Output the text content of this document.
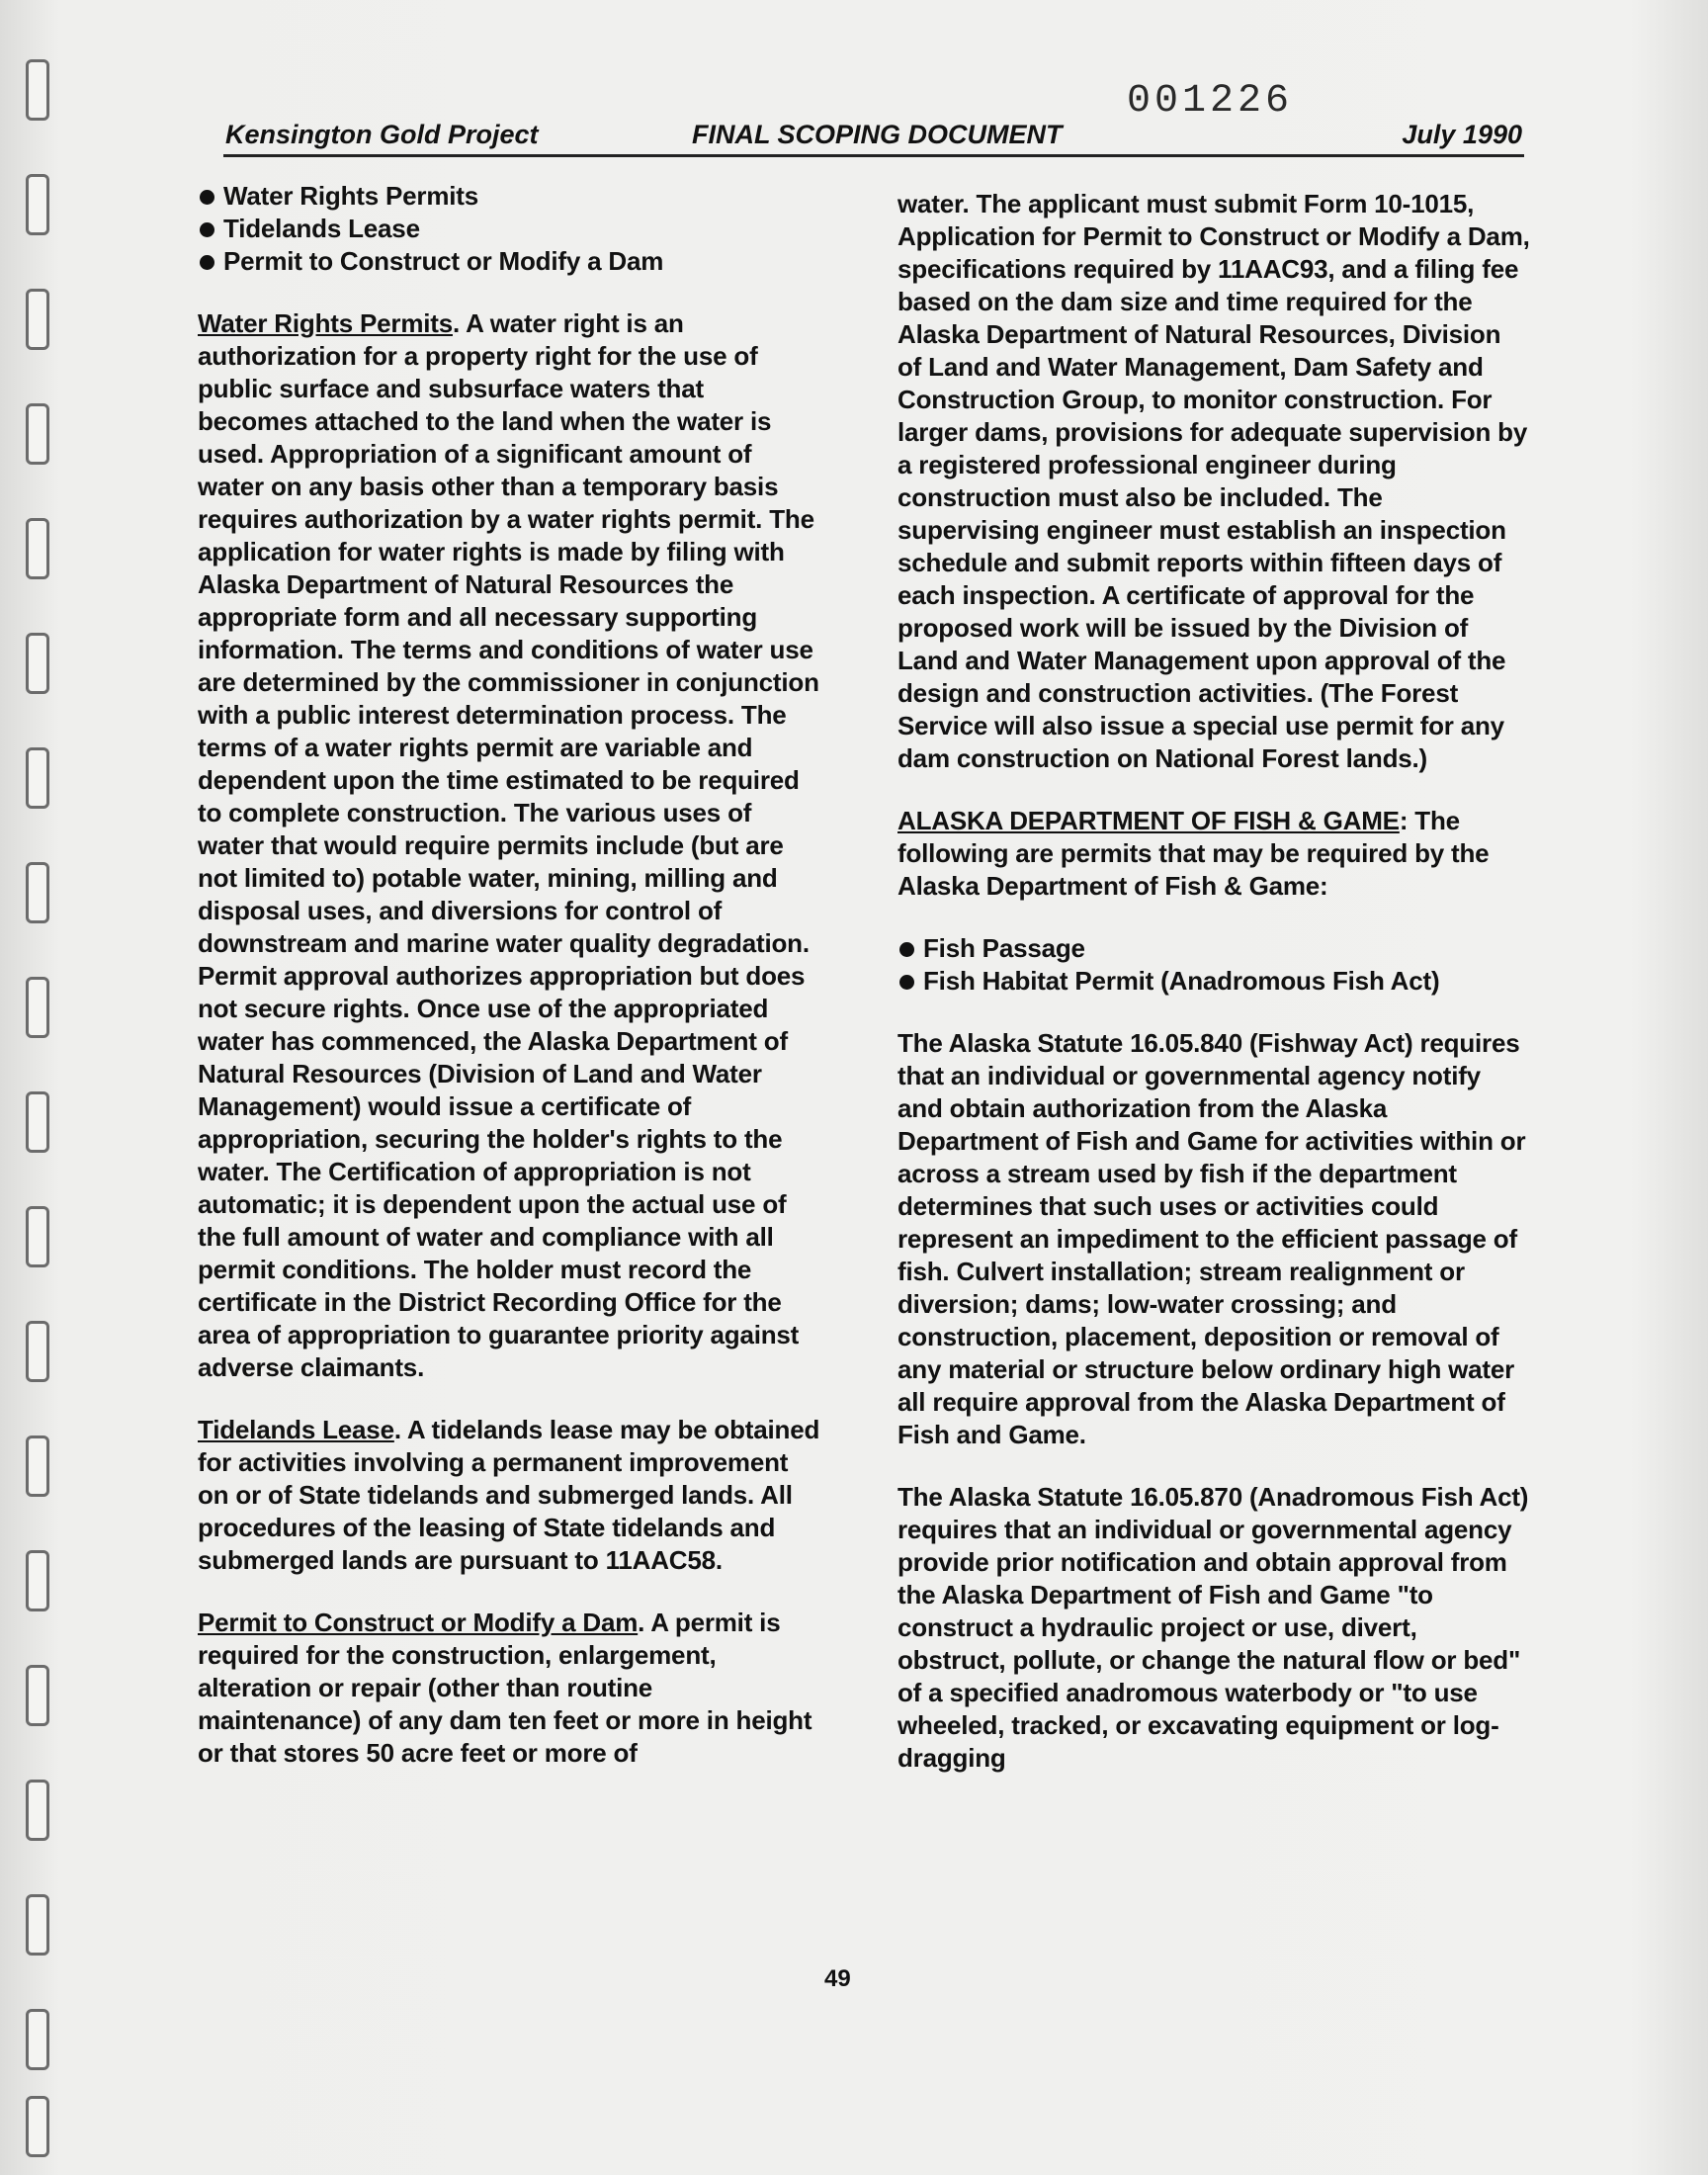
001226
Kensington Gold Project	FINAL SCOPING DOCUMENT	July 1990
Water Rights Permits
Tidelands Lease
Permit to Construct or Modify a Dam

Water Rights Permits. A water right is an authorization for a property right for the use of public surface and subsurface waters that becomes attached to the land when the water is used. Appropriation of a significant amount of water on any basis other than a temporary basis requires authorization by a water rights permit. The application for water rights is made by filing with Alaska Department of Natural Resources the appropriate form and all necessary supporting information. The terms and conditions of water use are determined by the commissioner in conjunction with a public interest determination process. The terms of a water rights permit are variable and dependent upon the time estimated to be required to complete construction. The various uses of water that would require permits include (but are not limited to) potable water, mining, milling and disposal uses, and diversions for control of downstream and marine water quality degradation. Permit approval authorizes appropriation but does not secure rights. Once use of the appropriated water has commenced, the Alaska Department of Natural Resources (Division of Land and Water Management) would issue a certificate of appropriation, securing the holder's rights to the water. The Certification of appropriation is not automatic; it is dependent upon the actual use of the full amount of water and compliance with all permit conditions. The holder must record the certificate in the District Recording Office for the area of appropriation to guarantee priority against adverse claimants.

Tidelands Lease. A tidelands lease may be obtained for activities involving a permanent improvement on or of State tidelands and submerged lands. All procedures of the leasing of State tidelands and submerged lands are pursuant to 11AAC58.

Permit to Construct or Modify a Dam. A permit is required for the construction, enlargement, alteration or repair (other than routine maintenance) of any dam ten feet or more in height or that stores 50 acre feet or more of

water. The applicant must submit Form 10-1015, Application for Permit to Construct or Modify a Dam, specifications required by 11AAC93, and a filing fee based on the dam size and time required for the Alaska Department of Natural Resources, Division of Land and Water Management, Dam Safety and Construction Group, to monitor construction. For larger dams, provisions for adequate supervision by a registered professional engineer during construction must also be included. The supervising engineer must establish an inspection schedule and submit reports within fifteen days of each inspection. A certificate of approval for the proposed work will be issued by the Division of Land and Water Management upon approval of the design and construction activities. (The Forest Service will also issue a special use permit for any dam construction on National Forest lands.)

ALASKA DEPARTMENT OF FISH & GAME: The following are permits that may be required by the Alaska Department of Fish & Game:

Fish Passage
Fish Habitat Permit (Anadromous Fish Act)

The Alaska Statute 16.05.840 (Fishway Act) requires that an individual or governmental agency notify and obtain authorization from the Alaska Department of Fish and Game for activities within or across a stream used by fish if the department determines that such uses or activities could represent an impediment to the efficient passage of fish. Culvert installation; stream realignment or diversion; dams; low-water crossing; and construction, placement, deposition or removal of any material or structure below ordinary high water all require approval from the Alaska Department of Fish and Game.

The Alaska Statute 16.05.870 (Anadromous Fish Act) requires that an individual or governmental agency provide prior notification and obtain approval from the Alaska Department of Fish and Game "to construct a hydraulic project or use, divert, obstruct, pollute, or change the natural flow or bed" of a specified anadromous waterbody or "to use wheeled, tracked, or excavating equipment or log-dragging

49
